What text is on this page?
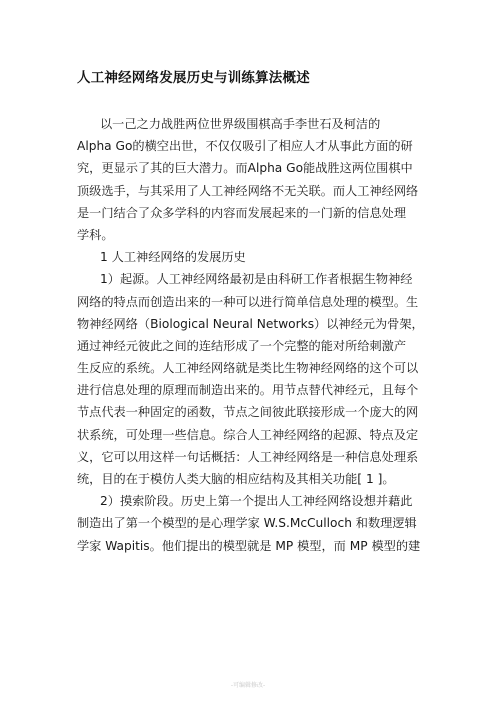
人工神经网络发展历史与训练算法概述
以一己之力战胜两位世界级围棋高手李世石及柯洁的
Alpha Go的横空出世，不仅仅吸引了相应人才从事此方面的研
究，更显示了其的巨大潜力。而Alpha Go能战胜这两位围棋中
顶级选手，与其采用了人工神经网络不无关联。而人工神经网络
是一门结合了众多学科的内容而发展起来的一门新的信息处理
学科。
1 人工神经网络的发展历史
1）起源。人工神经网络最初是由科研工作者根据生物神经
网络的特点而创造出来的一种可以进行简单信息处理的模型。生
物神经网络（Biological Neural Networks）以神经元为骨架，
通过神经元彼此之间的连结形成了一个完整的能对所给刺激产
生反应的系统。人工神经网络就是类比生物神经网络的这个可以
进行信息处理的原理而制造出来的。用节点替代神经元，且每个
节点代表一种固定的函数，节点之间彼此联接形成一个庞大的网
状系统，可处理一些信息。综合人工神经网络的起源、特点及定
义，它可以用这样一句话概括：人工神经网络是一种信息处理系
统，目的在于模仿人类大脑的相应结构及其相关功能[ 1 ]。
2）摸索阶段。历史上第一个提出人工神经网络设想并藉此
制造出了第一个模型的是心理学家 W.S.McCulloch 和数理逻辑
学家 Wapitis。他们提出的模型就是 MP 模型，而 MP 模型的建
-可编辑修改-
